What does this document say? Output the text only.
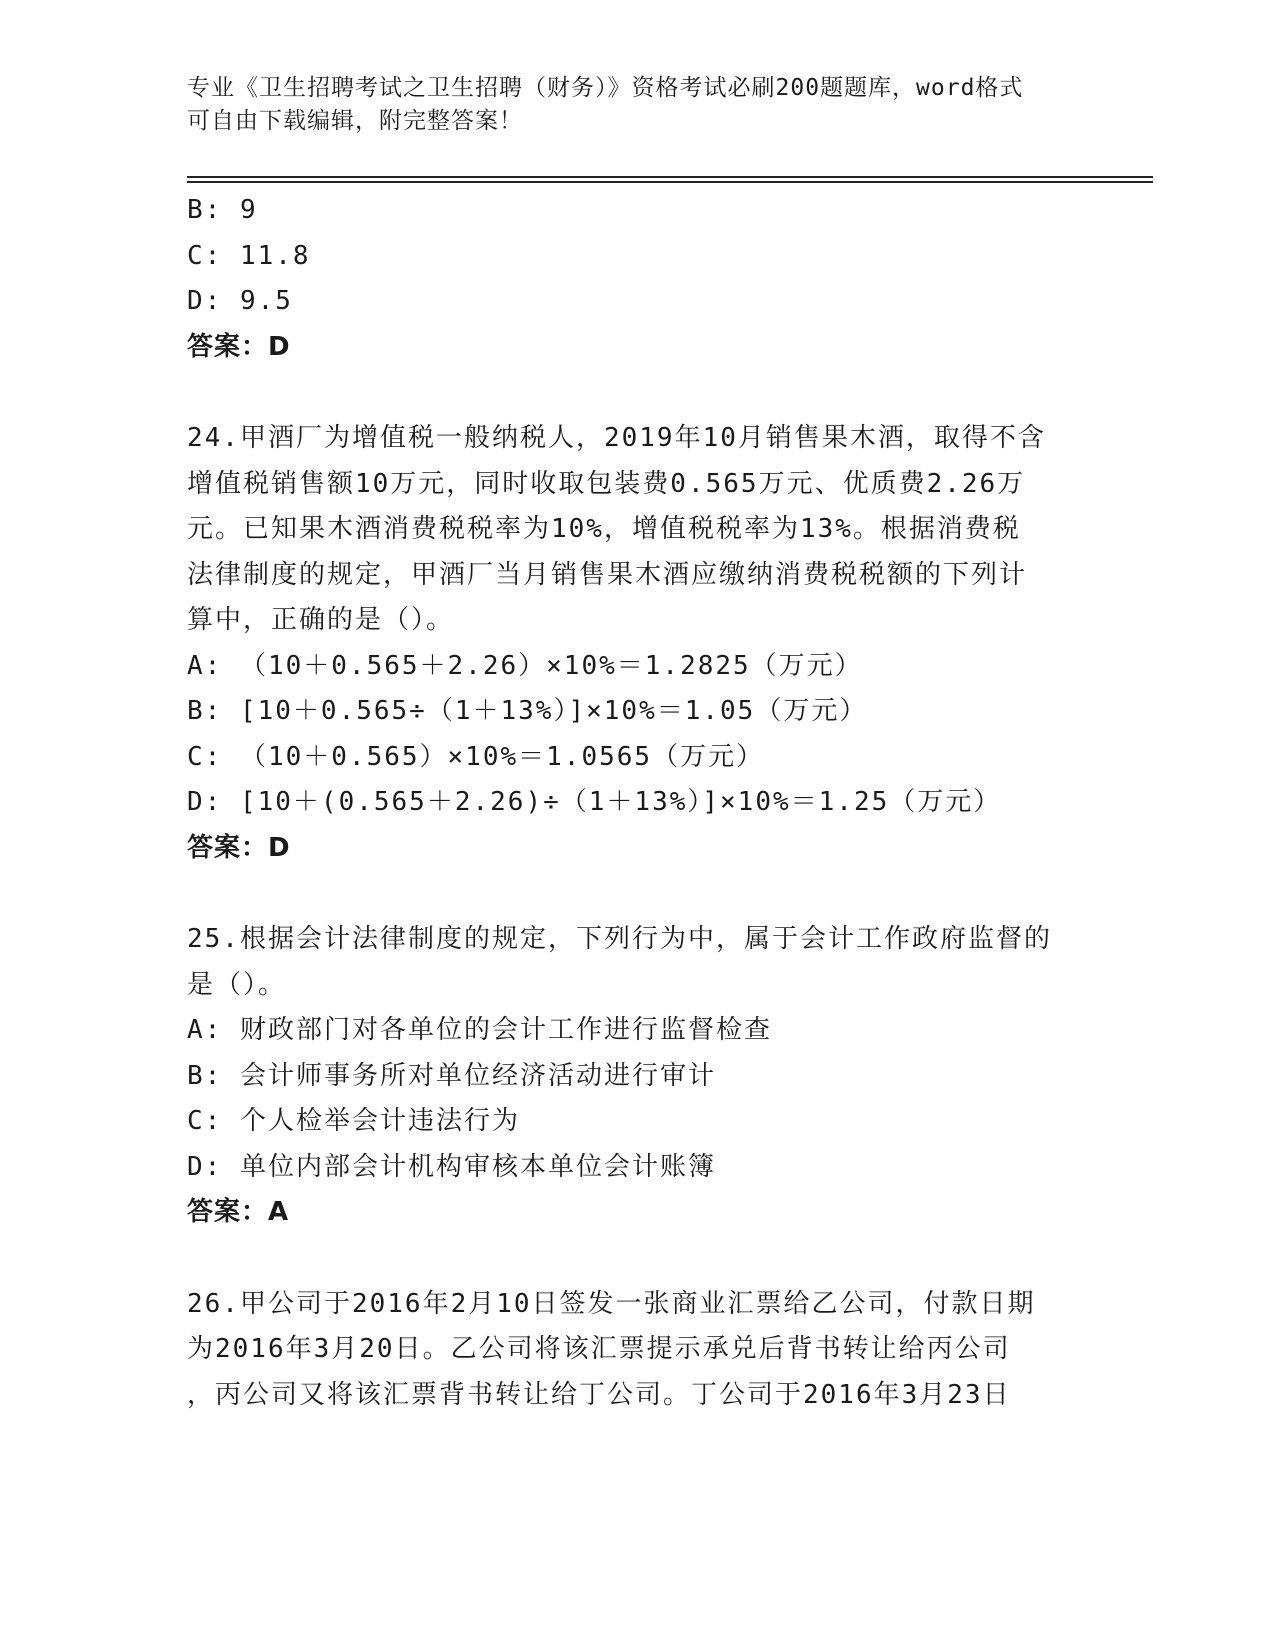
专业《卫生招聘考试之卫生招聘（财务）》资格考试必刷200题题库，word格式
可自由下载编辑，附完整答案！
B: 9
C: 11.8
D: 9.5
答案：D
24.甲酒厂为增值税一般纳税人，2019年10月销售果木酒，取得不含
增值税销售额10万元，同时收取包装费0.565万元、优质费2.26万
元。已知果木酒消费税税率为10%，增值税税率为13%。根据消费税
法律制度的规定，甲酒厂当月销售果木酒应缴纳消费税税额的下列计
算中，正确的是（）。
A: （10＋0.565＋2.26）×10%＝1.2825（万元）
B: [10＋0.565÷（1＋13%）]×10%＝1.05（万元）
C: （10＋0.565）×10%＝1.0565（万元）
D: [10＋(0.565＋2.26)÷（1＋13%）]×10%＝1.25（万元）
答案：D
25.根据会计法律制度的规定，下列行为中，属于会计工作政府监督的
是（）。
A: 财政部门对各单位的会计工作进行监督检查
B: 会计师事务所对单位经济活动进行审计
C: 个人检举会计违法行为
D: 单位内部会计机构审核本单位会计账簿
答案：A
26.甲公司于2016年2月10日签发一张商业汇票给乙公司，付款日期
为2016年3月20日。乙公司将该汇票提示承兑后背书转让给丙公司
，丙公司又将该汇票背书转让给丁公司。丁公司于2016年3月23日
